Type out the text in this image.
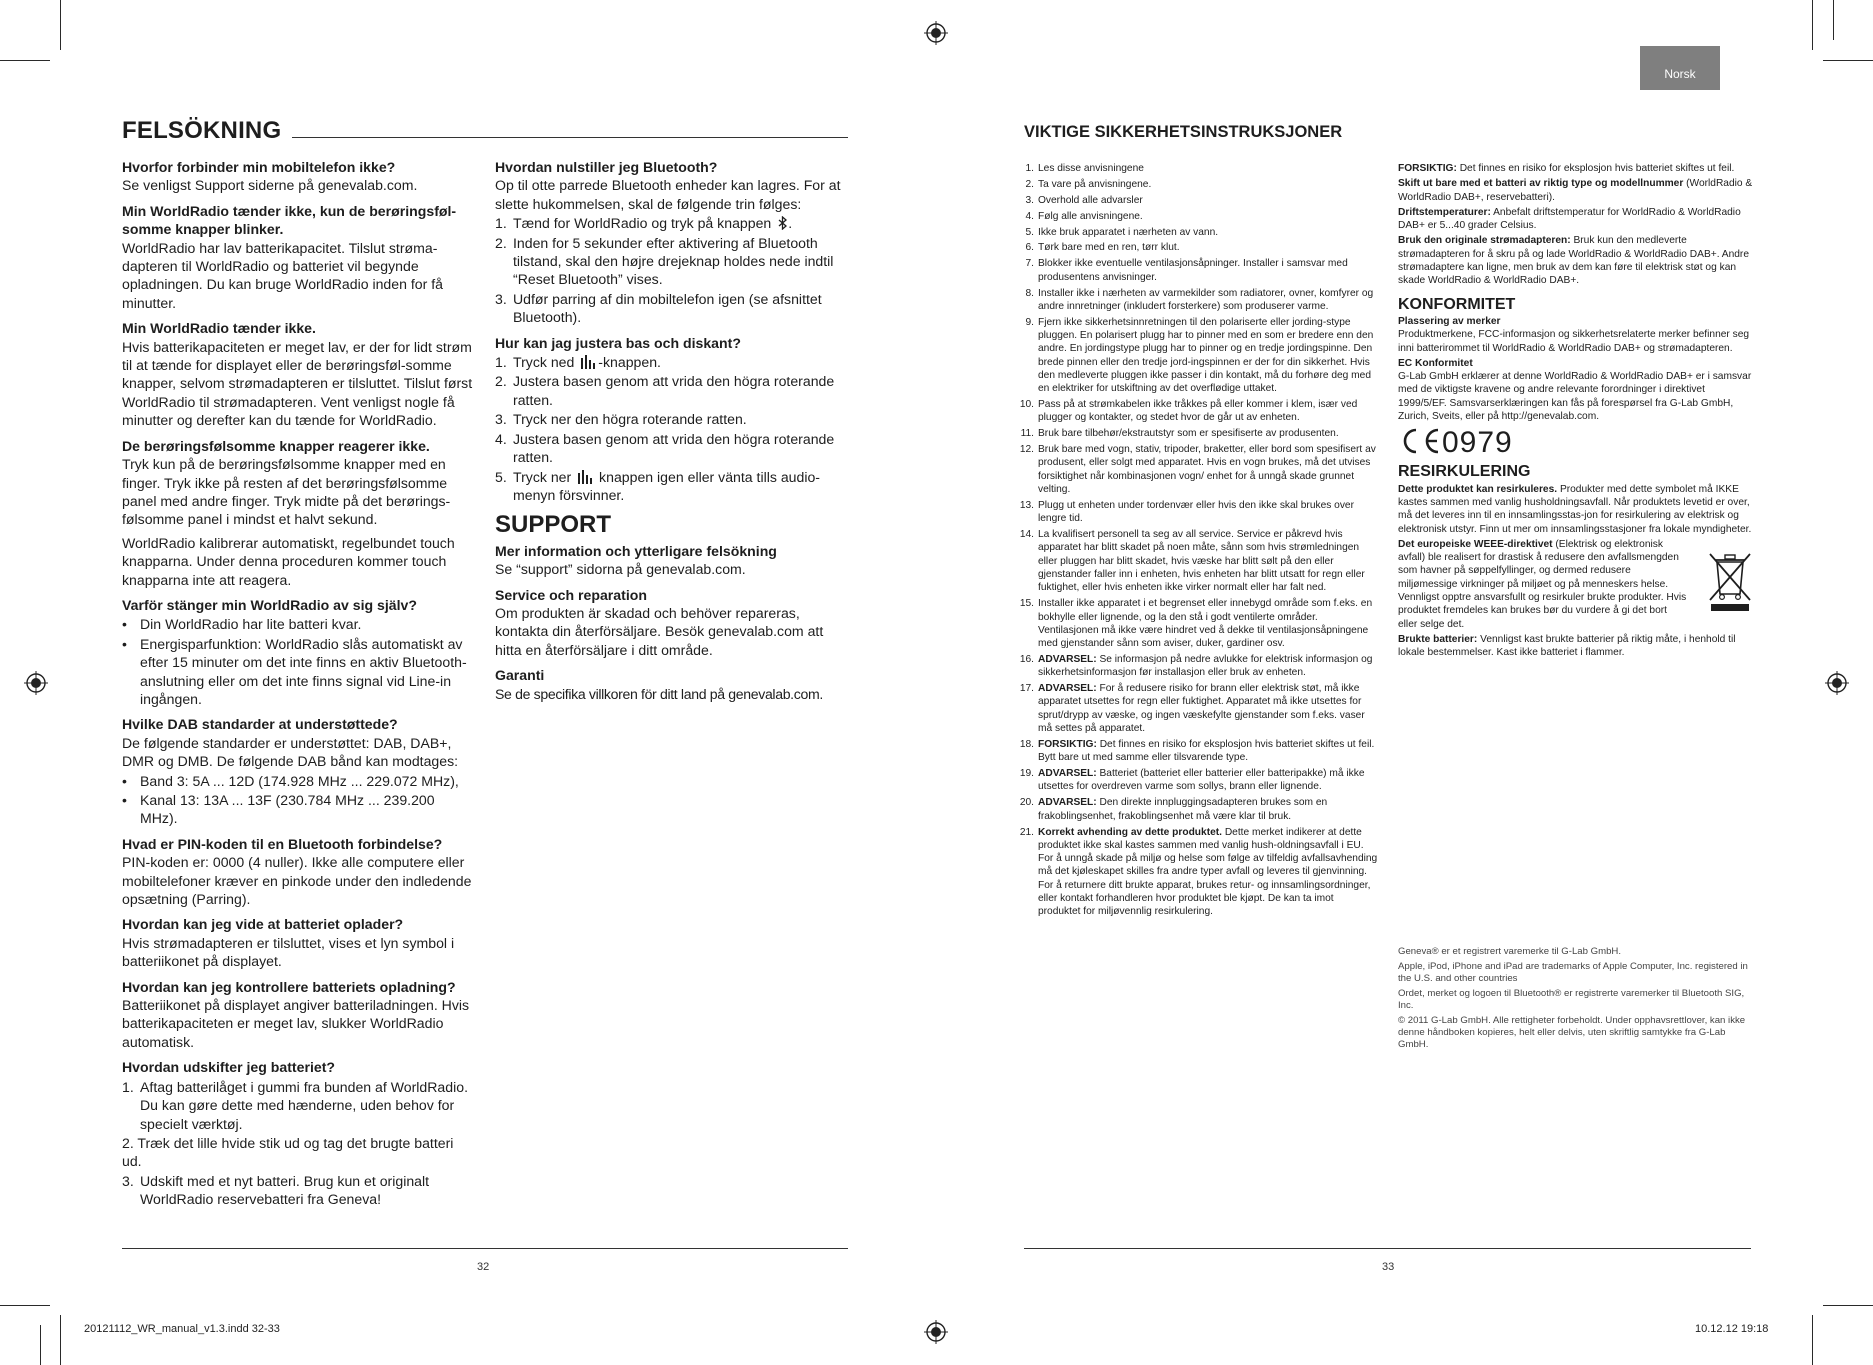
Norsk
FELSÖKNING
Hvorfor forbinder min mobiltelefon ikke?

Se venligst Support siderne på genevalab.com.

Min WorldRadio tænder ikke, kun de berøringsføl-somme knapper blinker.

WorldRadio har lav batterikapacitet. Tilslut strøma-dapteren til WorldRadio og batteriet vil begynde opladningen. Du kan bruge WorldRadio inden for få minutter.

Min WorldRadio tænder ikke.

Hvis batterikapaciteten er meget lav, er der for lidt strøm til at tænde for displayet eller de berøringsføl-somme knapper, selvom strømadapteren er tilsluttet. Tilslut først WorldRadio til strømadapteren. Vent venligst nogle få minutter og derefter kan du tænde for WorldRadio.

De berøringsfølsomme knapper reagerer ikke.

Tryk kun på de berøringsfølsomme knapper med en finger. Tryk ikke på resten af det berøringsfølsomme panel med andre finger. Tryk midte på det berørings-følsomme panel i mindst et halvt sekund.

WorldRadio kalibrerar automatiskt, regelbundet touch knapparna. Under denna proceduren kommer touch knapparna inte att reagera.

Varför stänger min WorldRadio av sig själv?
• Din WorldRadio har lite batteri kvar.
• Energisparfunktion: WorldRadio slås automatiskt av efter 15 minuter om det inte finns en aktiv Bluetooth-anslutning eller om det inte finns signal vid Line-in ingången.
Hvilke DAB standarder at understøttede?

De følgende standarder er understøttet: DAB, DAB+, DMR og DMB. De følgende DAB bånd kan modtages:

• Band 3: 5A ... 12D (174.928 MHz ... 229.072 MHz),
• Kanal 13: 13A ... 13F (230.784 MHz ... 239.200 MHz).
Hvad er PIN-koden til en Bluetooth forbindelse?

PIN-koden er: 0000 (4 nuller). Ikke alle computere eller mobiltelefoner kræver en pinkode under den indledende opsætning (Parring).

Hvordan kan jeg vide at batteriet oplader?

Hvis strømadapteren er tilsluttet, vises et lyn symbol i batteriikonet på displayet.

Hvordan kan jeg kontrollere batteriets opladning?

Batteriikonet på displayet angiver batteriladningen. Hvis batterikapaciteten er meget lav, slukker WorldRadio automatisk.

Hvordan udskifter jeg batteriet?
1. Aftag batterilåget i gummi fra bunden af WorldRadio. Du kan gøre dette med hænderne, uden behov for specielt værktøj.
2. Træk det lille hvide stik ud og tag det brugte batteri ud.
3. Udskift med et nyt batteri. Brug kun et originalt WorldRadio reservebatteri fra Geneva!
Hvordan nulstiller jeg Bluetooth?

Op til otte parrede Bluetooth enheder kan lagres. For at slette hukommelsen, skal de følgende trin følges:

1. Tænd for WorldRadio og tryk på knappen .
2. Inden for 5 sekunder efter aktivering af Bluetooth tilstand, skal den højre drejeknap holdes nede indtil “Reset Bluetooth” vises.
3. Udfør parring af din mobiltelefon igen (se afsnittet Bluetooth).
Hur kan jag justera bas och diskant?
1. Tryck ned -knappen.
2. Justera basen genom att vrida den högra roterande ratten.
3. Tryck ner den högra roterande ratten.
4. Justera basen genom att vrida den högra roterande ratten.
5. Tryck ner  knappen igen eller vänta tills audio-menyn försvinner.
SUPPORT
Mer information och ytterligare felsökning

Se “support” sidorna på genevalab.com.

Service och reparation

Om produkten är skadad och behöver repareras, kontakta din återförsäljare. Besök genevalab.com att hitta en återförsäljare i ditt område.

Garanti

Se de specifika villkoren för ditt land på genevalab.com.

32
20121112_WR_manual_v1.3.indd 32-33
VIKTIGE SIKKERHETSINSTRUKSJONER
1. Les disse anvisningene
2. Ta vare på anvisningene.
3. Overhold alle advarsler
4. Følg alle anvisningene.
5. Ikke bruk apparatet i nærheten av vann.
6. Tørk bare med en ren, tørr klut.
7. Blokker ikke eventuelle ventilasjonsåpninger. Installer i samsvar med produsentens anvisninger.
8. Installer ikke i nærheten av varmekilder som radiatorer, ovner, komfyrer og andre innretninger (inkludert forsterkere) som produserer varme.
9. Fjern ikke sikkerhetsinnretningen til den polariserte eller jording-stype pluggen. En polarisert plugg har to pinner med en som er bredere enn den andre. En jordingstype plugg har to pinner og en tredje jordingspinne. Den brede pinnen eller den tredje jord-ingspinnen er der for din sikkerhet. Hvis den medleverte pluggen ikke passer i din kontakt, må du forhøre deg med en elektriker for utskiftning av det overflødige uttaket.
10. Pass på at strømkabelen ikke tråkkes på eller kommer i klem, især ved plugger og kontakter, og stedet hvor de går ut av enheten.
11. Bruk bare tilbehør/ekstrautstyr som er spesifiserte av produsenten.
12. Bruk bare med vogn, stativ, tripoder, braketter, eller bord som spesifisert av produsent, eller solgt med apparatet. Hvis en vogn brukes, må det utvises forsiktighet når kombinasjonen vogn/ enhet for å unngå skade grunnet velting.
13. Plugg ut enheten under tordenvær eller hvis den ikke skal brukes over lengre tid.
14. La kvalifisert personell ta seg av all service. Service er påkrevd hvis apparatet har blitt skadet på noen måte, sånn som hvis strømledningen eller pluggen har blitt skadet, hvis væske har blitt sølt på den eller gjenstander faller inn i enheten, hvis enheten har blitt utsatt for regn eller fuktighet, eller hvis enheten ikke virker normalt eller har falt ned.
15. Installer ikke apparatet i et begrenset eller innebygd område som f.eks. en bokhylle eller lignende, og la den stå i godt ventilerte områder. Ventilasjonen må ikke være hindret ved å dekke til ventilasjonsåpningene med gjenstander sånn som aviser, duker, gardiner osv.
16. ADVARSEL: Se informasjon på nedre avlukke for elektrisk informasjon og sikkerhetsinformasjon før installasjon eller bruk av enheten.
17. ADVARSEL: For å redusere risiko for brann eller elektrisk støt, må ikke apparatet utsettes for regn eller fuktighet. Apparatet må ikke utsettes for sprut/drypp av væske, og ingen væskefylte gjenstander som f.eks. vaser må settes på apparatet.
18. FORSIKTIG: Det finnes en risiko for eksplosjon hvis batteriet skiftes ut feil. Bytt bare ut med samme eller tilsvarende type.
19. ADVARSEL: Batteriet (batteriet eller batterier eller batteripakke) må ikke utsettes for overdreven varme som sollys, brann eller lignende.
20. ADVARSEL: Den direkte innpluggingsadapteren brukes som en frakoblingsenhet, frakoblingsenhet må være klar til bruk.
21. Korrekt avhending av dette produktet. Dette merket indikerer at dette produktet ikke skal kastes sammen med vanlig hush-oldningsavfall i EU. For å unngå skade på miljø og helse som følge av tilfeldig avfallsavhending må det kjøleskapet skilles fra andre typer avfall og leveres til gjenvinning. For å returnere ditt brukte apparat, brukes retur- og innsamlingsordninger, eller kontakt forhandleren hvor produktet ble kjøpt. De kan ta imot produktet for miljøvennlig resirkulering.

FORSIKTIG: Det finnes en risiko for eksplosjon hvis batteriet skiftes ut feil.

Skift ut bare med et batteri av riktig type og modellnummer (WorldRadio & WorldRadio DAB+, reservebatteri).

Driftstemperaturer: Anbefalt driftstemperatur for WorldRadio & WorldRadio DAB+ er 5...40 grader Celsius.

Bruk den originale strømadapteren: Bruk kun den medleverte strømadapteren for å skru på og lade WorldRadio & WorldRadio DAB+. Andre strømadaptere kan ligne, men bruk av dem kan føre til elektrisk støt og kan skade WorldRadio & WorldRadio DAB+.

KONFORMITET

Plassering av merker

Produktmerkene, FCC-informasjon og sikkerhetsrelaterte merker befinner seg inni batterirommet til WorldRadio & WorldRadio DAB+ og strømadapteren.

EC Konformitet

G-Lab GmbH erklærer at denne WorldRadio & WorldRadio DAB+ er i samsvar med de viktigste kravene og andre relevante forordninger i direktivet 1999/5/EF. Samsvarserklæringen kan fås på forespørsel fra G-Lab GmbH, Zurich, Sveits, eller på http://genevalab.com.

0979
RESIRKULERING

Dette produktet kan resirkuleres. Produkter med dette symbolet må IKKE kastes sammen med vanlig husholdningsavfall. Når produktets levetid er over, må det leveres inn til en innsamlingsstas-jon for resirkulering av elektrisk og elektronisk utstyr. Finn ut mer om innsamlingsstasjoner fra lokale myndigheter.

Det europeiske WEEE-direktivet (Elektrisk og elektronisk avfall) ble realisert for drastisk å redusere den avfallsmengden som havner på søppelfyllinger, og dermed redusere miljømessige virkninger på miljøet og på menneskers helse. Vennligst opptre ansvarsfullt og resirkuler brukte produkter. Hvis produktet fremdeles kan brukes bør du vurdere å gi det bort eller selge det.

Brukte batterier: Vennligst kast brukte batterier på riktig måte, i henhold til lokale bestemmelser. Kast ikke batteriet i flammer.

Geneva® er et registrert varemerke til G-Lab GmbH.

Apple, iPod, iPhone and iPad are trademarks of Apple Computer, Inc. registered in the U.S. and other countries

Ordet, merket og logoen til Bluetooth® er registrerte varemerker til Bluetooth SIG, Inc.

© 2011 G-Lab GmbH. Alle rettigheter forbeholdt. Under opphavsrettlover, kan ikke denne håndboken kopieres, helt eller delvis, uten skriftlig samtykke fra G-Lab GmbH.

33
10.12.12 19:18
